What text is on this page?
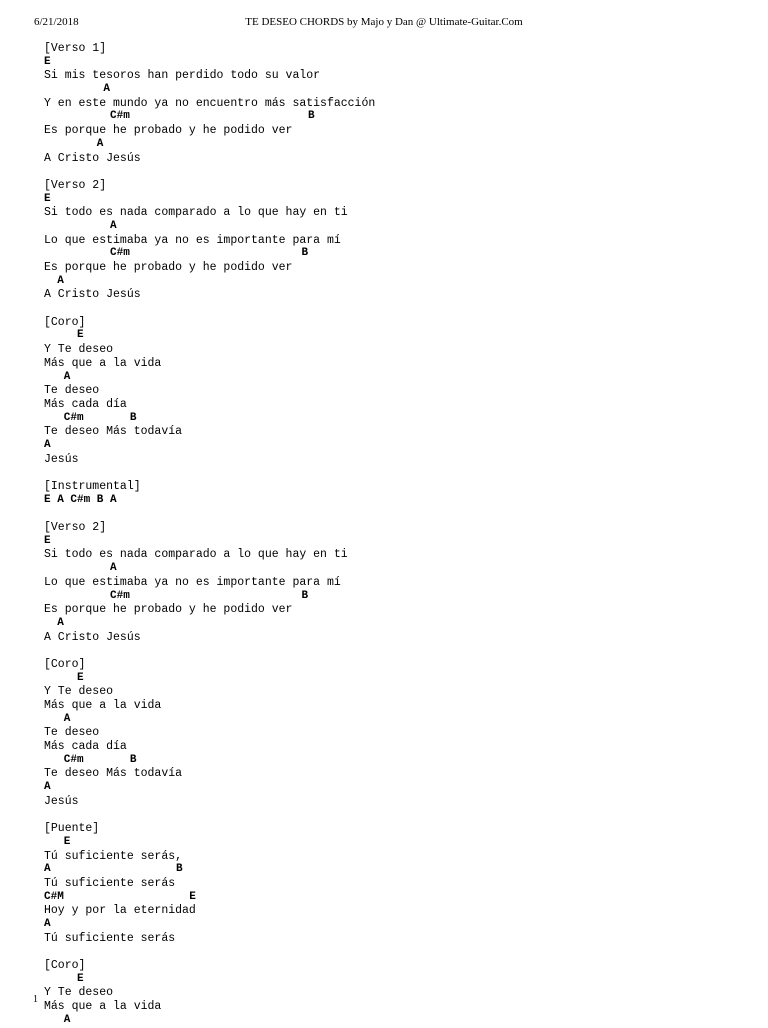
6/21/2018	TE DESEO CHORDS by Majo y Dan @ Ultimate-Guitar.Com
[Verso 1]
E
Si mis tesoros han perdido todo su valor
A
Y en este mundo ya no encuentro más satisfacción
C#m                           B
Es porque he probado y he podido ver
A
A Cristo Jesús
[Verso 2]
E
Si todo es nada comparado a lo que hay en ti
A
Lo que estimaba ya no es importante para mí
C#m                          B
Es porque he probado y he podido ver
A
A Cristo Jesús
[Coro]
E
Y Te deseo
Más que a la vida
A
Te deseo
Más cada día
C#m       B
Te deseo Más todavía
A
Jesús
[Instrumental]
E A C#m B A
[Verso 2]
E
Si todo es nada comparado a lo que hay en ti
A
Lo que estimaba ya no es importante para mí
C#m                          B
Es porque he probado y he podido ver
A
A Cristo Jesús
[Coro]
E
Y Te deseo
Más que a la vida
A
Te deseo
Más cada día
C#m       B
Te deseo Más todavía
A
Jesús
[Puente]
E
Tú suficiente serás,
A                   B
Tú suficiente serás
C#M                   E
Hoy y por la eternidad
A
Tú suficiente serás
[Coro]
E
Y Te deseo
Más que a la vida
A
1
